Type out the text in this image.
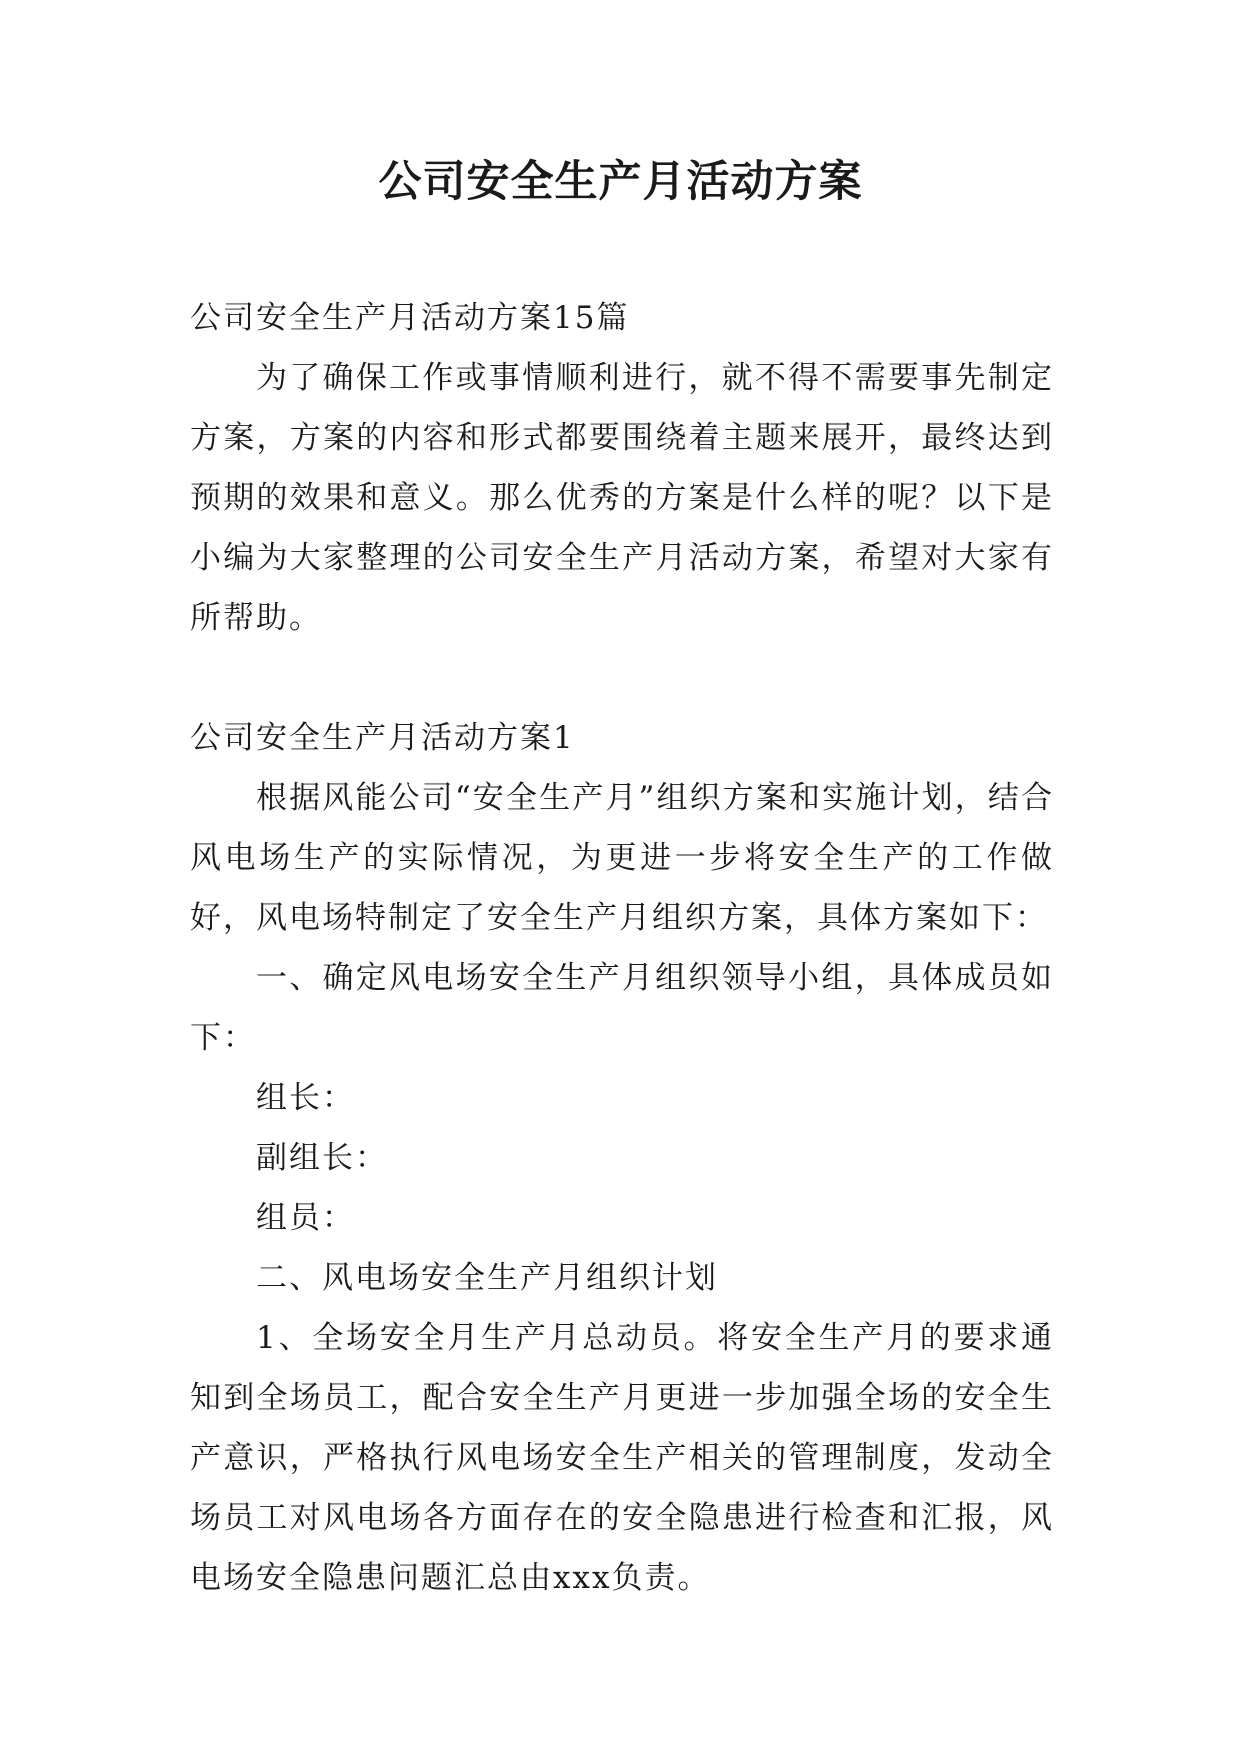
公司安全生产月活动方案

公司安全生产月活动方案15篇

为了确保工作或事情顺利进行，就不得不需要事先制定方案，方案的内容和形式都要围绕着主题来展开，最终达到预期的效果和意义。那么优秀的方案是什么样的呢？以下是小编为大家整理的公司安全生产月活动方案，希望对大家有所帮助。

公司安全生产月活动方案1

根据风能公司“安全生产月”组织方案和实施计划，结合风电场生产的实际情况，为更进一步将安全生产的工作做好，风电场特制定了安全生产月组织方案，具体方案如下：

一、确定风电场安全生产月组织领导小组，具体成员如下：

组长：

副组长：

组员：

二、风电场安全生产月组织计划

1、全场安全月生产月总动员。将安全生产月的要求通知到全场员工，配合安全生产月更进一步加强全场的安全生产意识，严格执行风电场安全生产相关的管理制度，发动全场员工对风电场各方面存在的安全隐患进行检查和汇报，风电场安全隐患问题汇总由xxx负责。
